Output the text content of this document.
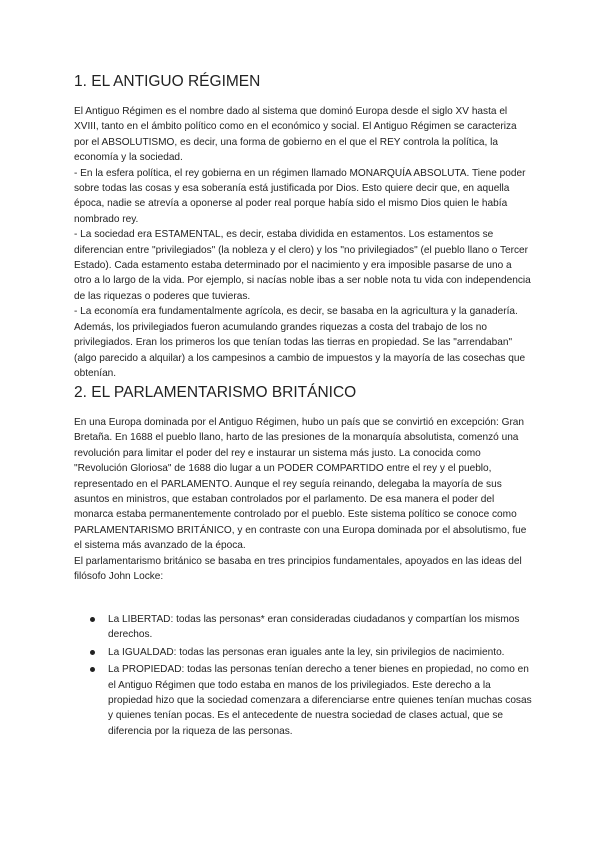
1. EL ANTIGUO RÉGIMEN

El Antiguo Régimen es el nombre dado al sistema que dominó Europa desde el siglo XV hasta el XVIII, tanto en el ámbito político como en el económico y social. El Antiguo Régimen se caracteriza por el ABSOLUTISMO, es decir, una forma de gobierno en el que el REY controla la política, la economía y la sociedad.

- En la esfera política, el rey gobierna en un régimen llamado MONARQUÍA ABSOLUTA. Tiene poder sobre todas las cosas y esa soberanía está justificada por Dios. Esto quiere decir que, en aquella época, nadie se atrevía a oponerse al poder real porque había sido el mismo Dios quien le había nombrado rey.

- La sociedad era ESTAMENTAL, es decir, estaba dividida en estamentos. Los estamentos se diferencian entre "privilegiados" (la nobleza y el clero) y los "no privilegiados" (el pueblo llano o Tercer Estado). Cada estamento estaba determinado por el nacimiento y era imposible pasarse de uno a otro a lo largo de la vida. Por ejemplo, si nacías noble ibas a ser noble nota tu vida con independencia de las riquezas o poderes que tuvieras.

- La economía era fundamentalmente agrícola, es decir, se basaba en la agricultura y la ganadería. Además, los privilegiados fueron acumulando grandes riquezas a costa del trabajo de los no privilegiados. Eran los primeros los que tenían todas las tierras en propiedad. Se las "arrendaban" (algo parecido a alquilar) a los campesinos a cambio de impuestos y la mayoría de las cosechas que obtenían.

2. EL PARLAMENTARISMO BRITÁNICO

En una Europa dominada por el Antiguo Régimen, hubo un país que se convirtió en excepción: Gran Bretaña. En 1688 el pueblo llano, harto de las presiones de la monarquía absolutista, comenzó una revolución para limitar el poder del rey e instaurar un sistema más justo. La conocida como "Revolución Gloriosa" de 1688 dio lugar a un PODER COMPARTIDO entre el rey y el pueblo, representado en el PARLAMENTO. Aunque el rey seguía reinando, delegaba la mayoría de sus asuntos en ministros, que estaban controlados por el parlamento. De esa manera el poder del monarca estaba permanentemente controlado por el pueblo. Este sistema político se conoce como PARLAMENTARISMO BRITÁNICO, y en contraste con una Europa dominada por el absolutismo, fue el sistema más avanzado de la época.

El parlamentarismo británico se basaba en tres principios fundamentales, apoyados en las ideas del filósofo John Locke:

La LIBERTAD: todas las personas* eran consideradas ciudadanos y compartían los mismos derechos.
La IGUALDAD: todas las personas eran iguales ante la ley, sin privilegios de nacimiento.
La PROPIEDAD: todas las personas tenían derecho a tener bienes en propiedad, no como en el Antiguo Régimen que todo estaba en manos de los privilegiados. Este derecho a la propiedad hizo que la sociedad comenzara a diferenciarse entre quienes tenían muchas cosas y quienes tenían pocas. Es el antecedente de nuestra sociedad de clases actual, que se diferencia por la riqueza de las personas.
